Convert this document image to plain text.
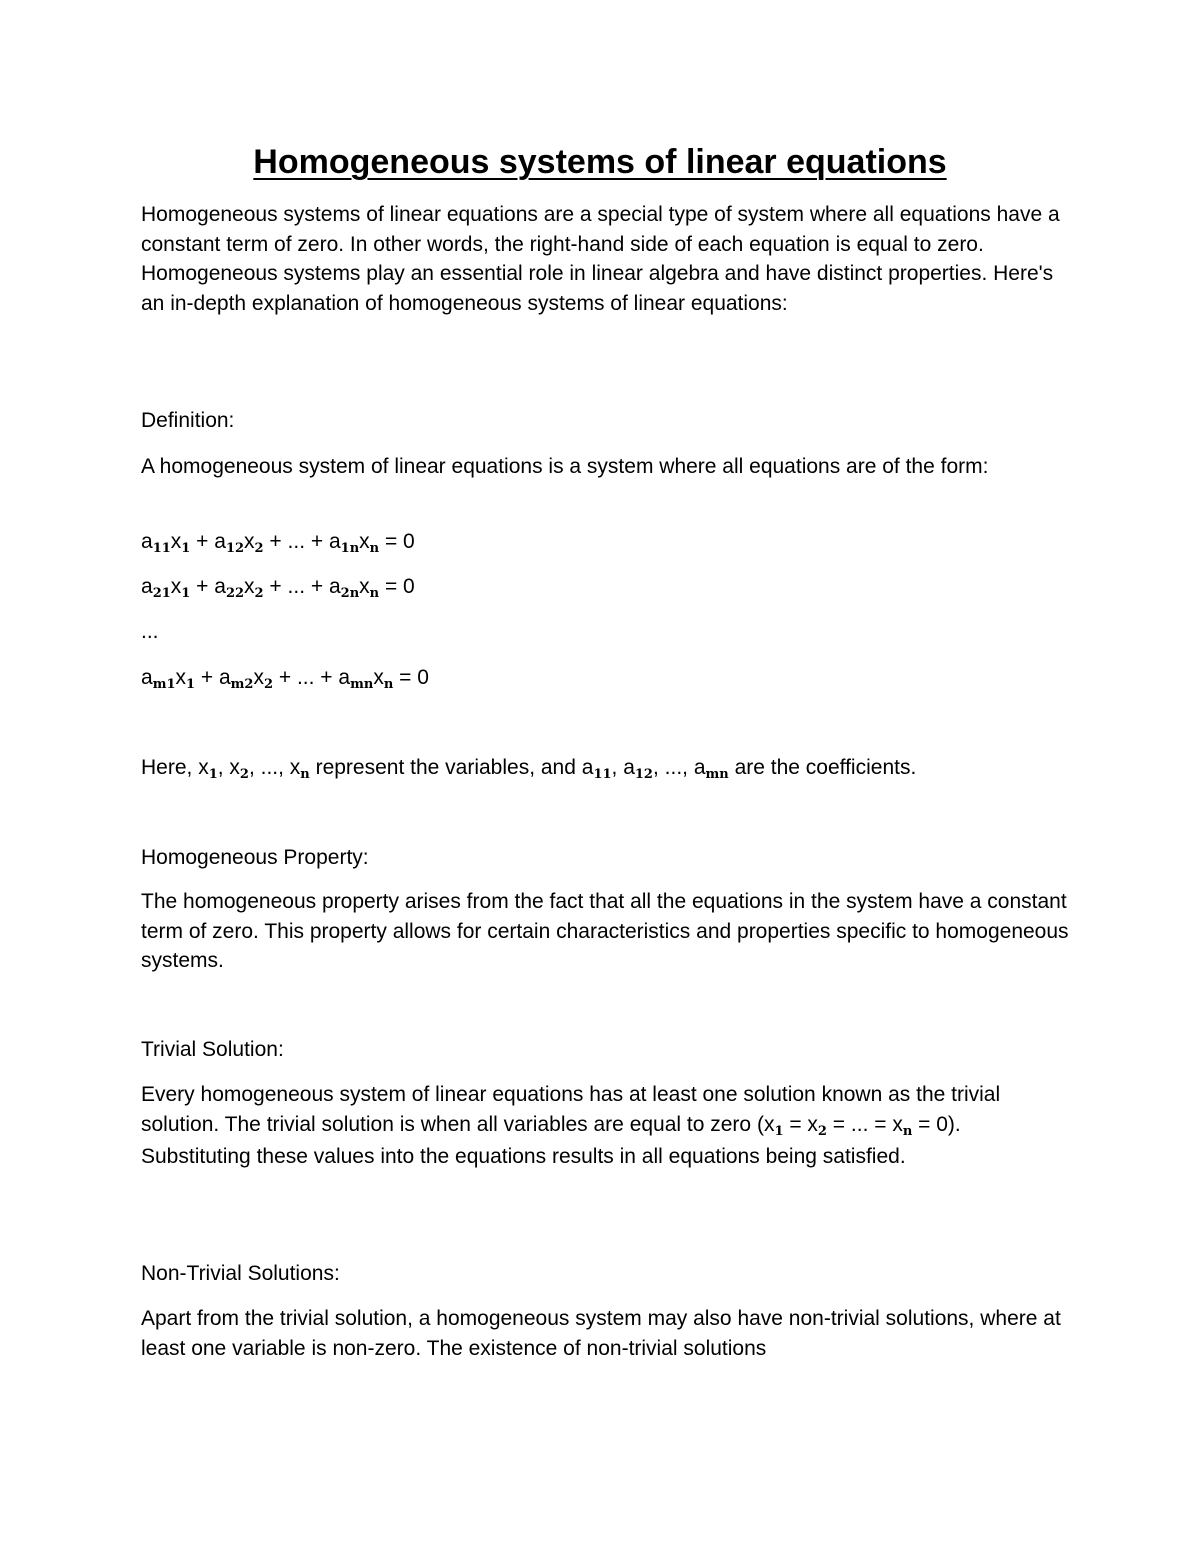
Homogeneous systems of linear equations

Homogeneous systems of linear equations are a special type of system where all equations have a constant term of zero. In other words, the right-hand side of each equation is equal to zero. Homogeneous systems play an essential role in linear algebra and have distinct properties. Here's an in-depth explanation of homogeneous systems of linear equations:

Definition:

A homogeneous system of linear equations is a system where all equations are of the form:

a11x1 + a12x2 + ... + a1nxn = 0
a21x1 + a22x2 + ... + a2nxn = 0
...
am1x1 + am2x2 + ... + amnxn = 0
Here, x1, x2, ..., xn represent the variables, and a11, a12, ..., amn are the coefficients.

Homogeneous Property:

The homogeneous property arises from the fact that all the equations in the system have a constant term of zero. This property allows for certain characteristics and properties specific to homogeneous systems.

Trivial Solution:

Every homogeneous system of linear equations has at least one solution known as the trivial solution. The trivial solution is when all variables are equal to zero (x1 = x2 = ... = xn = 0). Substituting these values into the equations results in all equations being satisfied.

Non-Trivial Solutions:

Apart from the trivial solution, a homogeneous system may also have non-trivial solutions, where at least one variable is non-zero. The existence of non-trivial solutions
